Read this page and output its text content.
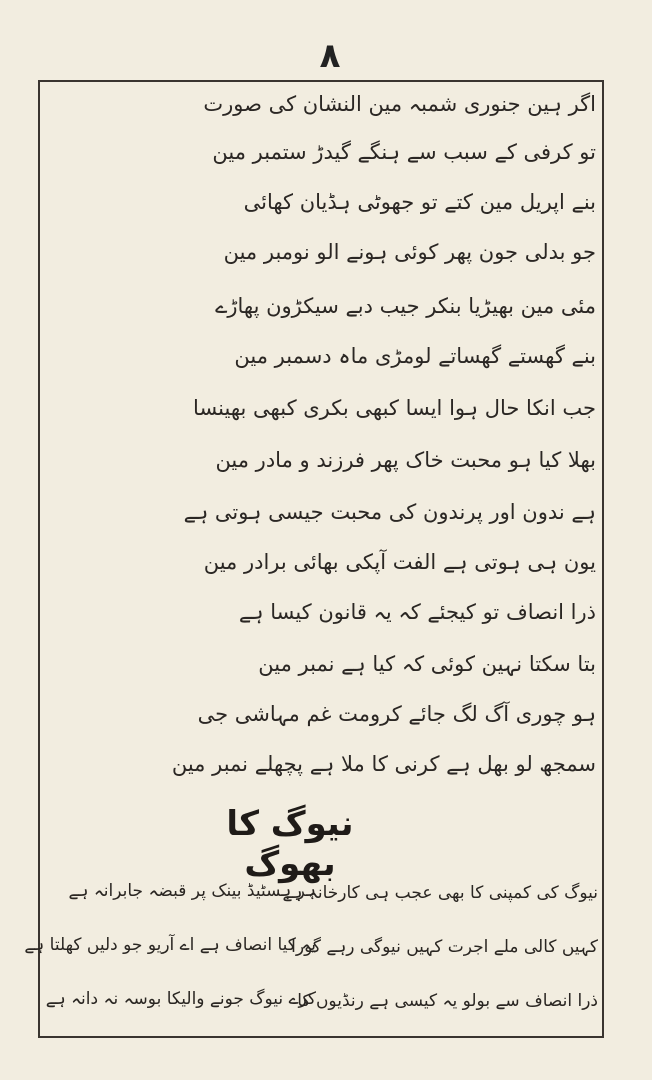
۸
اگر ہین جنوری شمبہ مین النشان کی صورت
تو کرفی کے سبب سے ہنگے گیدڑ ستمبر مین
بنے اپریل مین کتے تو جھوٹی ہڈیان کھائی
جو بدلی جون پھر کوئی ہونے الو نومبر مین
مئی مین بھیڑیا بنکر جیب دبے سیکڑون پھاڑے
بنے گھستے گھساتے لومڑی ماہ دسمبر مین
جب انکا حال ہوا ایسا کبھی بکری کبھی بھینسا
بھلا کیا ہو محبت خاک پھر فرزند و مادر مین
ہے ندون اور پرندون کی محبت جیسی ہوتی ہے
یون ہی ہوتی ہے الفت آپکی بھائی برادر مین
ذرا انصاف تو کیجئے کہ یہ قانون کیسا ہے
بتا سکتا نہین کوئی کہ کیا ہے نمبر مین
ہو چوری آگ لگ جائے کرومت غم مہاشی جی
سمجھ لو بھل ہے کرنی کا ملا ہے پچھلے نمبر مین
نیوگ کا بھوگ
نیوگ کی کمپنی کا بھی عجب ہی کارخانہ ہے
کہیں کالی ملے اجرت کہیں نیوگی رہے گورا
ذرا انصاف سے بولو یہ کیسی ہے رنڈیوں کا
ہر ہسٹیڈ بینک پر قبضہ جابرانہ ہے
یہ کیا انصاف ہے اے آریو جو دلیں کھلتا ہے
کرے نیوگ جونے والیکا بوسہ نہ دانہ ہے
